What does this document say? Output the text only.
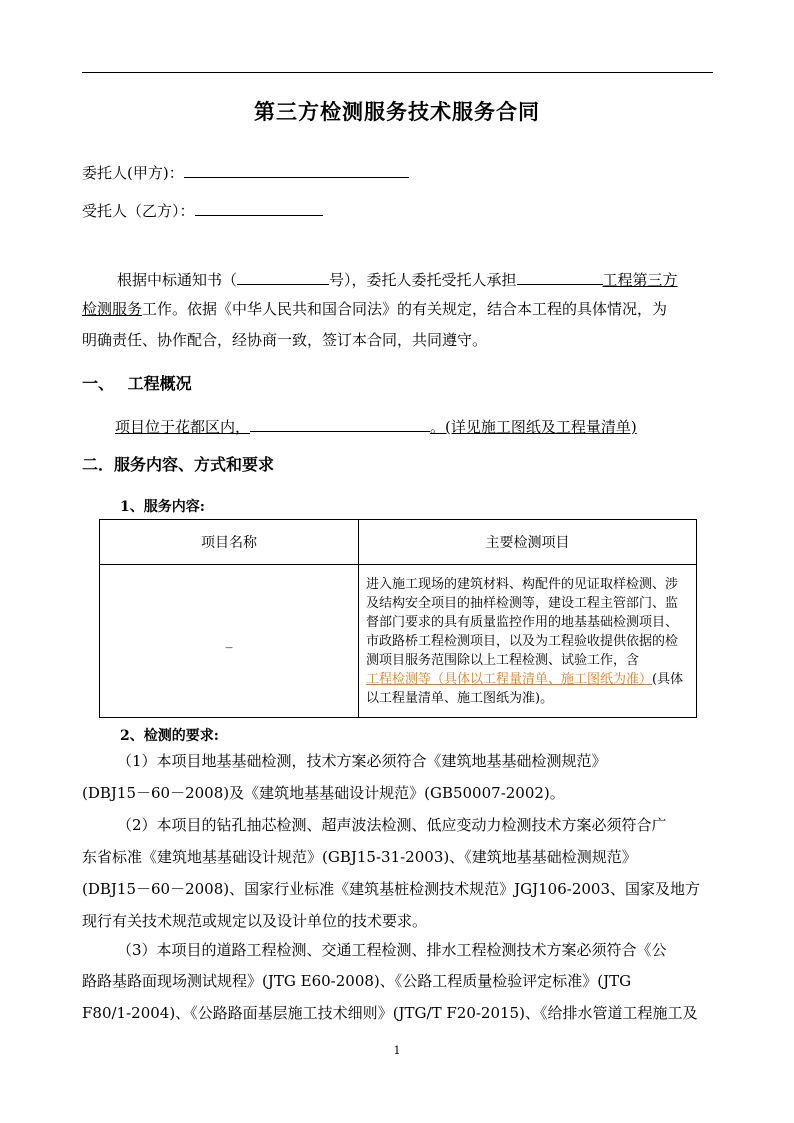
第三方检测服务技术服务合同
委托人(甲方)：
受托人（乙方）：
根据中标通知书（	号），委托人委托受托人承担	工程第三方
检测服务工作。依据《中华人民共和国合同法》的有关规定，结合本工程的具体情况，为
明确责任、协作配合，经协商一致，签订本合同，共同遵守。
一、　 工程概况
项目位于花都区内，	。(详见施工图纸及工程量清单)
二．服务内容、方式和要求
1、服务内容:
项目名称	主要检测项目
_	进入施工现场的建筑材料、构配件的见证取样检测、涉及结构安全项目的抽样检测等，建设工程主管部门、监督部门要求的具有质量监控作用的地基基础检测项目、市政路桥工程检测项目，以及为工程验收提供依据的检测项目服务范围除以上工程检测、试验工作，含工程检测等（具体以工程量清单、施工图纸为准）(具体以工程量清单、施工图纸为准)。
2、检测的要求:
（1）本项目地基基础检测，技术方案必须符合《建筑地基基础检测规范》
(DBJ15－60－2008)及《建筑地基基础设计规范》(GB50007-2002)。
（2）本项目的钻孔抽芯检测、超声波法检测、低应变动力检测技术方案必须符合广
东省标准《建筑地基基础设计规范》(GBJ15-31-2003)、《建筑地基基础检测规范》
(DBJ15－60－2008)、国家行业标准《建筑基桩检测技术规范》JGJ106-2003、国家及地方
现行有关技术规范或规定以及设计单位的技术要求。
（3）本项目的道路工程检测、交通工程检测、排水工程检测技术方案必须符合《公
路路基路面现场测试规程》(JTG E60-2008)、《公路工程质量检验评定标准》(JTG
F80/1-2004)、《公路路面基层施工技术细则》(JTG/T F20-2015)、《给排水管道工程施工及
1
